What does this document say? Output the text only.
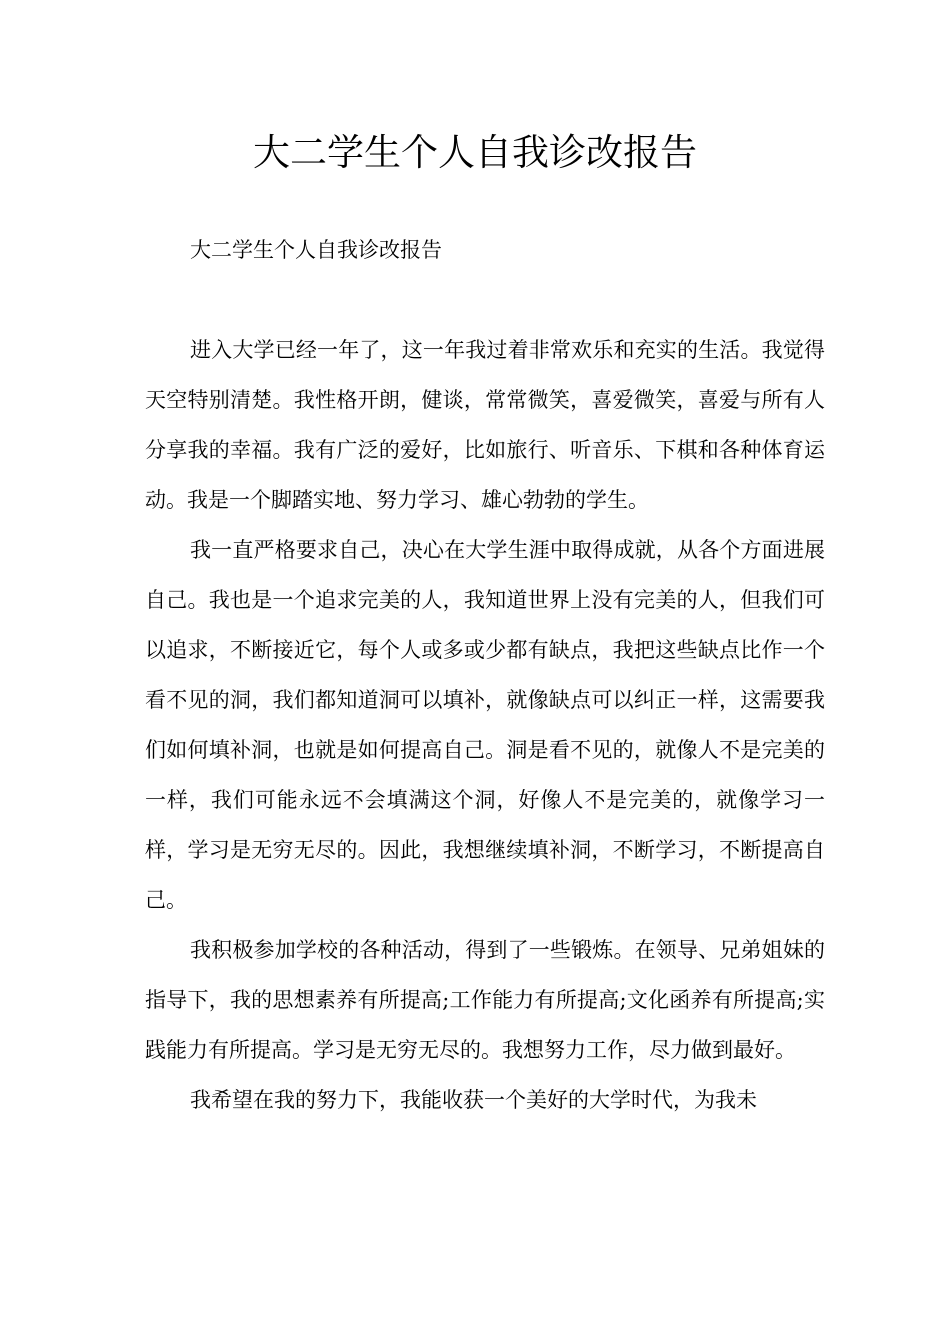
大二学生个人自我诊改报告

大二学生个人自我诊改报告

进入大学已经一年了，这一年我过着非常欢乐和充实的生活。我觉得天空特别清楚。我性格开朗，健谈，常常微笑，喜爱微笑，喜爱与所有人分享我的幸福。我有广泛的爱好，比如旅行、听音乐、下棋和各种体育运动。我是一个脚踏实地、努力学习、雄心勃勃的学生。

我一直严格要求自己，决心在大学生涯中取得成就，从各个方面进展自己。我也是一个追求完美的人，我知道世界上没有完美的人，但我们可以追求，不断接近它，每个人或多或少都有缺点，我把这些缺点比作一个看不见的洞，我们都知道洞可以填补，就像缺点可以纠正一样，这需要我们如何填补洞，也就是如何提高自己。洞是看不见的，就像人不是完美的一样，我们可能永远不会填满这个洞，好像人不是完美的，就像学习一样，学习是无穷无尽的。因此，我想继续填补洞，不断学习，不断提高自己。

我积极参加学校的各种活动，得到了一些锻炼。在领导、兄弟姐妹的指导下，我的思想素养有所提高;工作能力有所提高;文化函养有所提高;实践能力有所提高。学习是无穷无尽的。我想努力工作，尽力做到最好。

我希望在我的努力下，我能收获一个美好的大学时代，为我未
